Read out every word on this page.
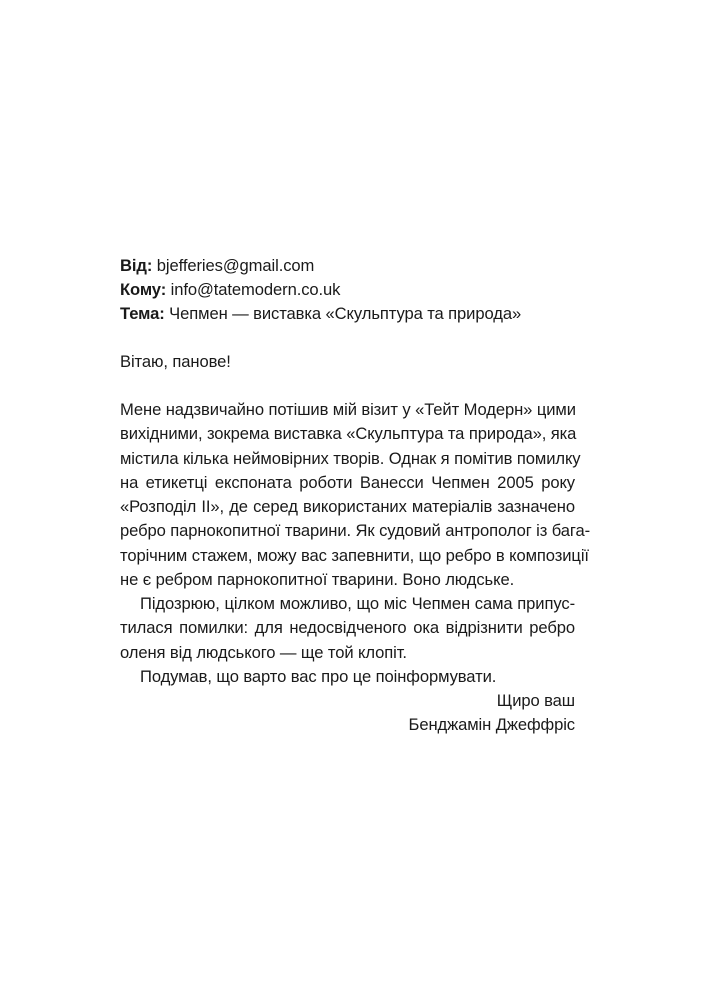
Від: bjefferies@gmail.com
Кому: info@tatemodern.co.uk
Тема: Чепмен — виставка «Скульптура та природа»
Вітаю, панове!
Мене надзвичайно потішив мій візит у «Тейт Модерн» цими
вихідними, зокрема виставка «Скульптура та природа», яка
містила кілька неймовірних творів. Однак я помітив помилку
на етикетці експоната роботи Ванесси Чепмен 2005 року
«Розподіл II», де серед використаних матеріалів зазначено
ребро парнокопитної тварини. Як судовий антрополог із бага-
торічним стажем, можу вас запевнити, що ребро в композиції
не є ребром парнокопитної тварини. Воно людське.
Підозрюю, цілком можливо, що міс Чепмен сама припус-
тилася помилки: для недосвідченого ока відрізнити ребро
оленя від людського — ще той клопіт.
Подумав, що варто вас про це поінформувати.
Щиро ваш
Бенджамін Джеффріс
